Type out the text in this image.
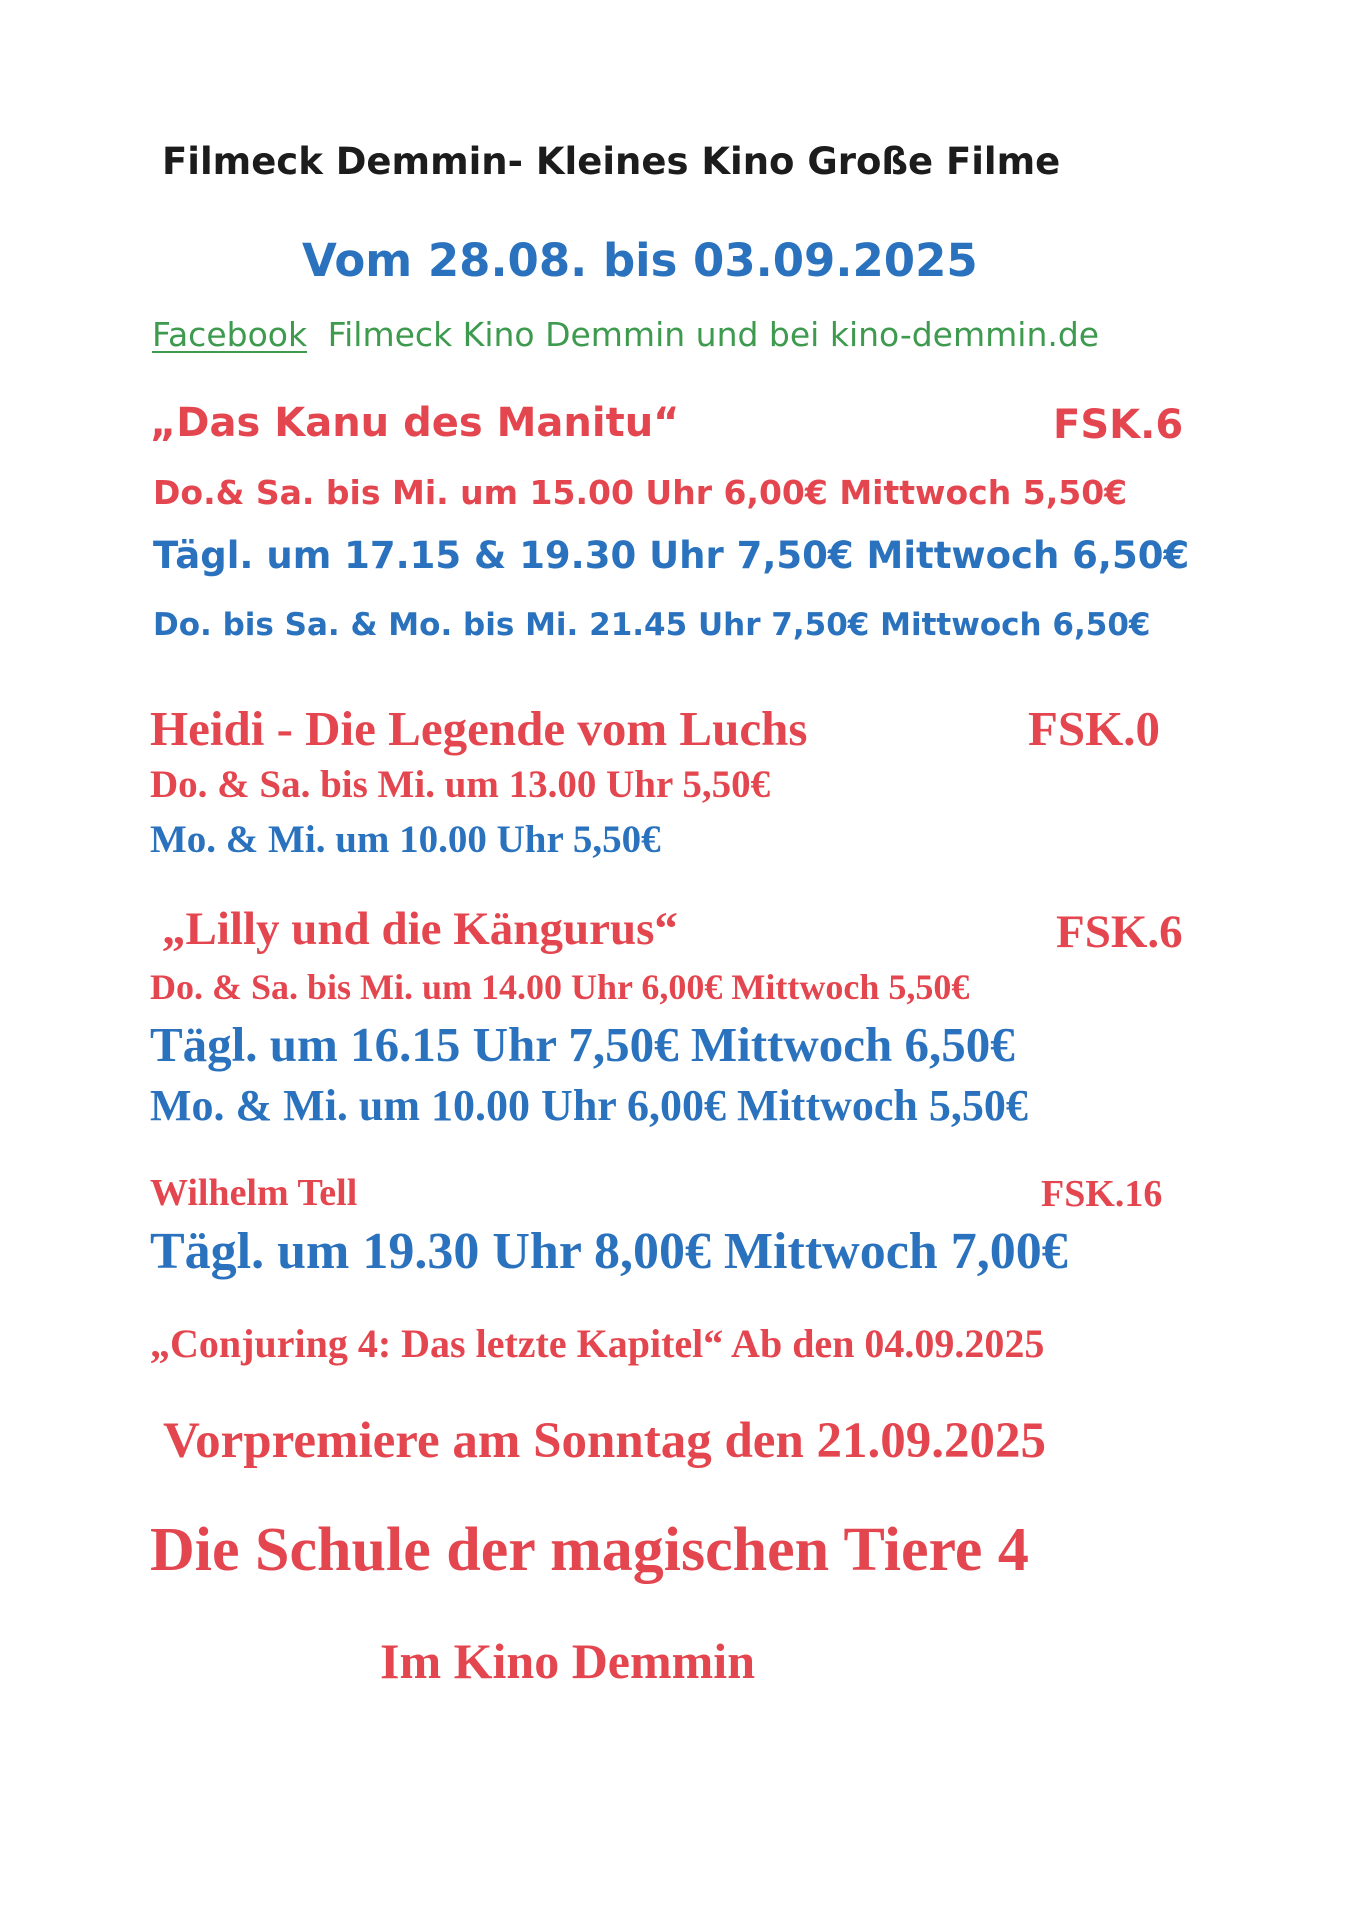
Filmeck Demmin- Kleines Kino Große Filme
Vom 28.08. bis 03.09.2025
Facebook Filmeck Kino Demmin und bei kino-demmin.de
„Das Kanu des Manitu“	FSK.6
Do.& Sa. bis Mi. um 15.00 Uhr 6,00€ Mittwoch 5,50€
Tägl. um 17.15 & 19.30 Uhr 7,50€ Mittwoch 6,50€
Do. bis Sa. & Mo. bis Mi. 21.45 Uhr 7,50€ Mittwoch 6,50€
Heidi - Die Legende vom Luchs	FSK.0
Do. & Sa. bis Mi. um 13.00 Uhr 5,50€
Mo. & Mi. um 10.00 Uhr 5,50€
„Lilly und die Kängurus“	FSK.6
Do. & Sa. bis Mi. um 14.00 Uhr 6,00€ Mittwoch 5,50€
Tägl. um 16.15 Uhr 7,50€ Mittwoch 6,50€
Mo. & Mi. um 10.00 Uhr 6,00€ Mittwoch 5,50€
Wilhelm Tell	FSK.16
Tägl. um 19.30 Uhr 8,00€ Mittwoch 7,00€
„Conjuring 4: Das letzte Kapitel“ Ab den 04.09.2025
Vorpremiere am Sonntag den 21.09.2025
Die Schule der magischen Tiere 4
Im Kino Demmin
